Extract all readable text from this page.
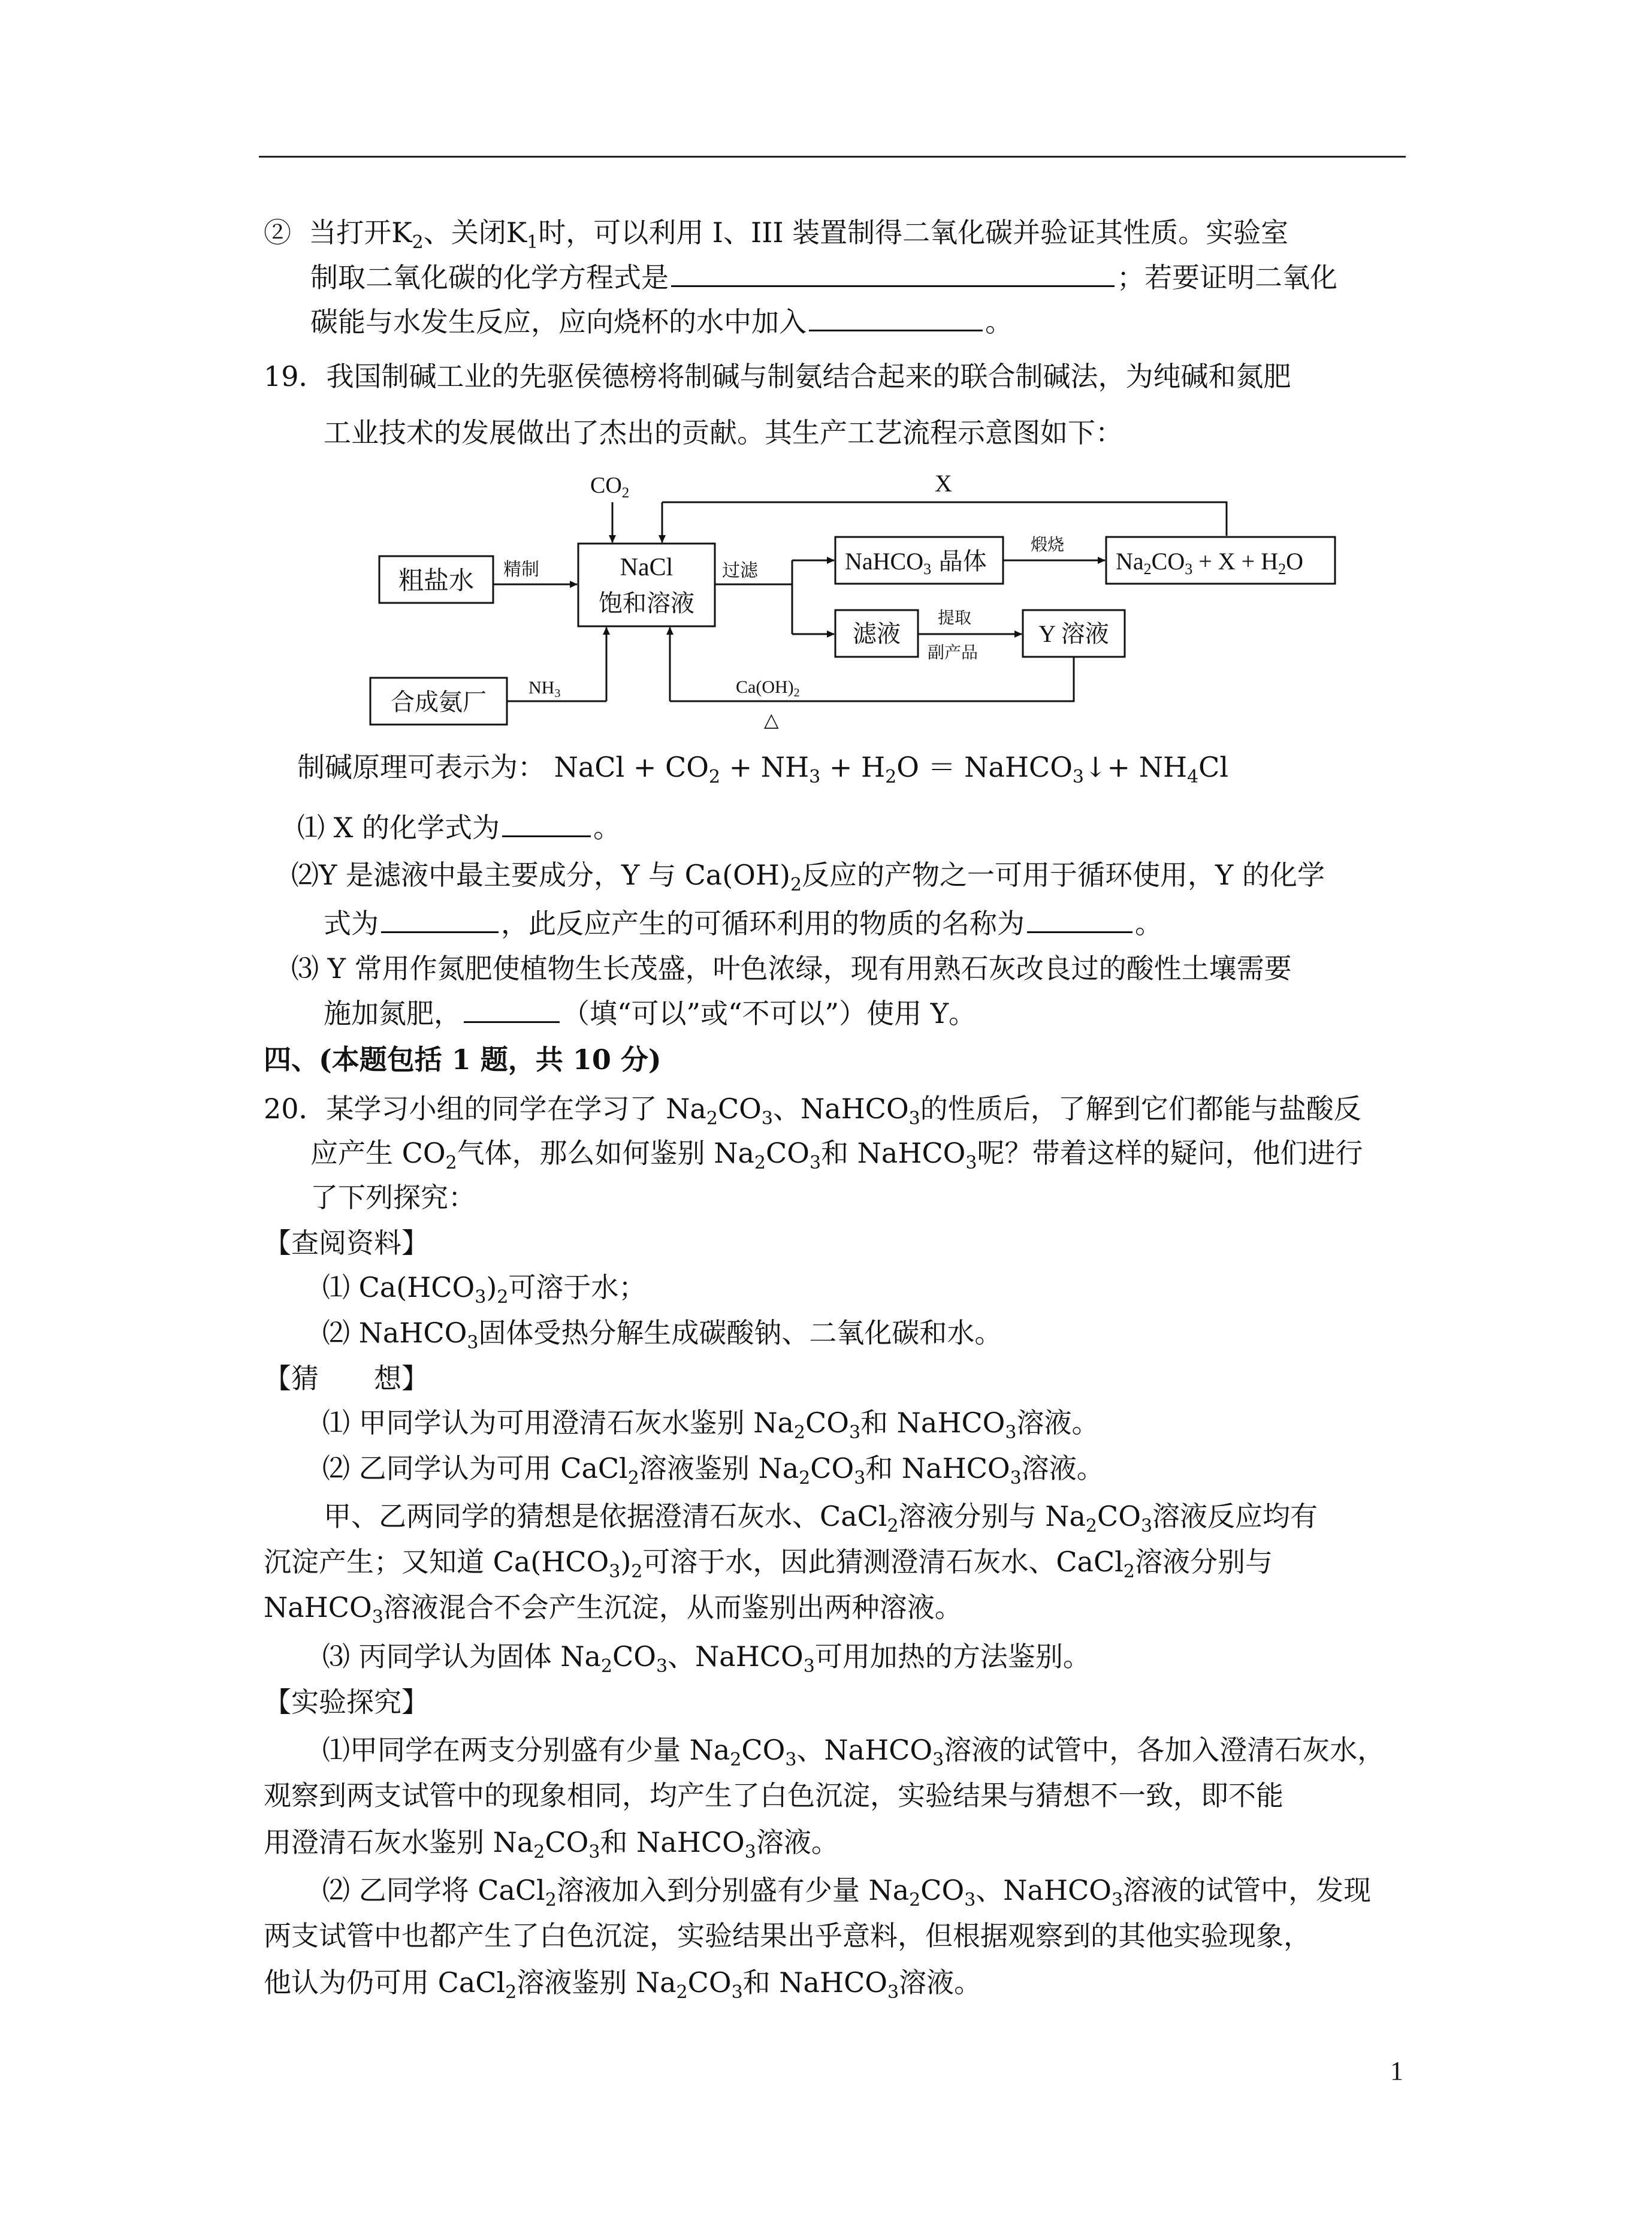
② 当打开$K_2$、关闭$K_1$时，可以利用 I、III 装置制得二氧化碳并验证其性质。实验室
制取二氧化碳的化学方程式是	；若要证明二氧化
碳能与水发生反应，应向烧杯的水中加入	。
19．我国制碱工业的先驱侯德榜将制碱与制氨结合起来的联合制碱法，为纯碱和氮肥
工业技术的发展做出了杰出的贡献。其生产工艺流程示意图如下：
$CO_2$	X
粗盐水 精制	NaCl
饱和溶液
过滤	NaHCO$_3$ 晶体
煅烧
$Na_2CO_3 + X + H_2O$
滤液
提取
副产品
Y 溶液
合成氨厂
$NH_3$	$Ca(OH)_2$
△
制碱原理可表示为： NaCl + $CO_2 + NH_3 + H_2O$ ＝ NaHCO$_3$↓+ $NH_4Cl$
⑴ X 的化学式为	。
⑵Y 是滤液中最主要成分，Y 与 $Ca(OH)_2$反应的产物之一可用于循环使用，Y 的化学
式为	，此反应产生的可循环利用的物质的名称为	。
⑶ Y 常用作氮肥使植物生长茂盛，叶色浓绿，现有用熟石灰改良过的酸性土壤需要
施加氮肥，	（填“可以”或“不可以”）使用 Y。
四、(本题包括 1 题，共 10 分)
20．某学习小组的同学在学习了 $Na_2CO_3$、NaHCO$_3$的性质后，了解到它们都能与盐酸反
应产生 $CO_2$气体，那么如何鉴别 $Na_2CO_3$和 NaHCO$_3$呢？带着这样的疑问，他们进行
了下列探究：
【查阅资料】
⑴ $Ca(HCO_3)_2$可溶于水；
⑵ NaHCO$_3$固体受热分解生成碳酸钠、二氧化碳和水。
【猜　　想】
⑴ 甲同学认为可用澄清石灰水鉴别 $Na_2CO_3$和 NaHCO$_3$溶液。
⑵ 乙同学认为可用 CaCl$_2$溶液鉴别 $Na_2CO_3$和 NaHCO$_3$溶液。
甲、乙两同学的猜想是依据澄清石灰水、CaCl$_2$溶液分别与 $Na_2CO_3$溶液反应均有
沉淀产生；又知道 $Ca(HCO_3)_2$可溶于水，因此猜测澄清石灰水、CaCl$_2$溶液分别与
NaHCO$_3$溶液混合不会产生沉淀，从而鉴别出两种溶液。
⑶ 丙同学认为固体 $Na_2CO_3$、NaHCO$_3$可用加热的方法鉴别。
【实验探究】
⑴甲同学在两支分别盛有少量 $Na_2CO_3$、NaHCO$_3$溶液的试管中，各加入澄清石灰水，
观察到两支试管中的现象相同，均产生了白色沉淀，实验结果与猜想不一致，即不能
用澄清石灰水鉴别 $Na_2CO_3$和 NaHCO$_3$溶液。
⑵ 乙同学将 CaCl$_2$溶液加入到分别盛有少量 $Na_2CO_3$、NaHCO$_3$溶液的试管中，发现
两支试管中也都产生了白色沉淀，实验结果出乎意料，但根据观察到的其他实验现象，
他认为仍可用 CaCl$_2$溶液鉴别 $Na_2CO_3$和 NaHCO$_3$溶液。
1
